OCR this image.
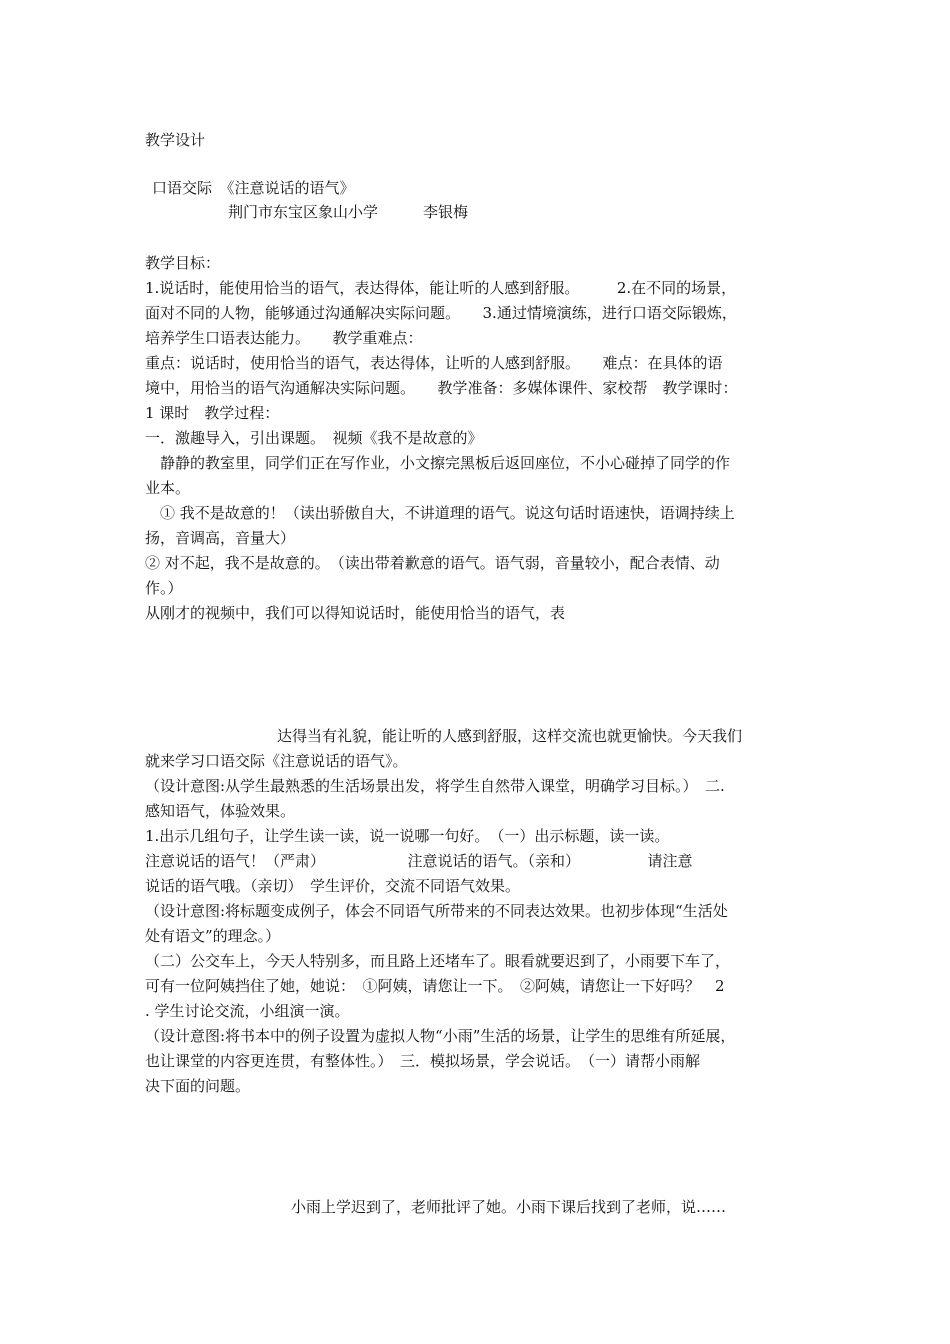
教学设计
口语交际　《注意说话的语气》
荆门市东宝区象山小学　　　李银梅
教学目标：
1.说话时，能使用恰当的语气，表达得体，能让听的人感到舒服。　　　2.在不同的场景，
面对不同的人物，能够通过沟通解决实际问题。　　3.通过情境演练，进行口语交际锻炼，
培养学生口语表达能力。　　教学重难点：
重点：说话时，使用恰当的语气，表达得体，让听的人感到舒服。　　难点：在具体的语
境中，用恰当的语气沟通解决实际问题。　　教学准备：多媒体课件、家校帮　教学课时：
1 课时　教学过程：
一．激趣导入，引出课题。　视频《我不是故意的》
　静静的教室里，同学们正在写作业，小文擦完黑板后返回座位，不小心碰掉了同学的作
业本。
　① 我不是故意的！（读出骄傲自大，不讲道理的语气。说这句话时语速快，语调持续上
扬，音调高，音量大）
② 对不起，我不是故意的。　（读出带着歉意的语气。语气弱，音量较小，配合表情、动
作。）
从刚才的视频中，我们可以得知说话时，能使用恰当的语气，表
达得当有礼貌，能让听的人感到舒服，这样交流也就更愉快。今天我们
就来学习口语交际《注意说话的语气》。
（设计意图:从学生最熟悉的生活场景出发，将学生自然带入课堂，明确学习目标。）　二.
感知语气，体验效果。
1.出示几组句子，让学生读一读，说一说哪一句好。　（一）出示标题，读一读。
注意说话的语气！（严肃）　　　　　　注意说话的语气。（亲和）　　　　　请注意
说话的语气哦。（亲切）　学生评价，交流不同语气效果。
（设计意图:将标题变成例子，体会不同语气所带来的不同表达效果。也初步体现“生活处
处有语文”的理念。）
（二）公交车上，今天人特别多，而且路上还堵车了。眼看就要迟到了，小雨要下车了，
可有一位阿姨挡住了她，她说：　①阿姨，请您让一下。　②阿姨，请您让一下好吗？　2
. 学生讨论交流，小组演一演。
（设计意图:将书本中的例子设置为虚拟人物“小雨”生活的场景，让学生的思维有所延展，
也让课堂的内容更连贯，有整体性。）　三．模拟场景，学会说话。　（一）请帮小雨解
决下面的问题。
小雨上学迟到了，老师批评了她。小雨下课后找到了老师，说……
